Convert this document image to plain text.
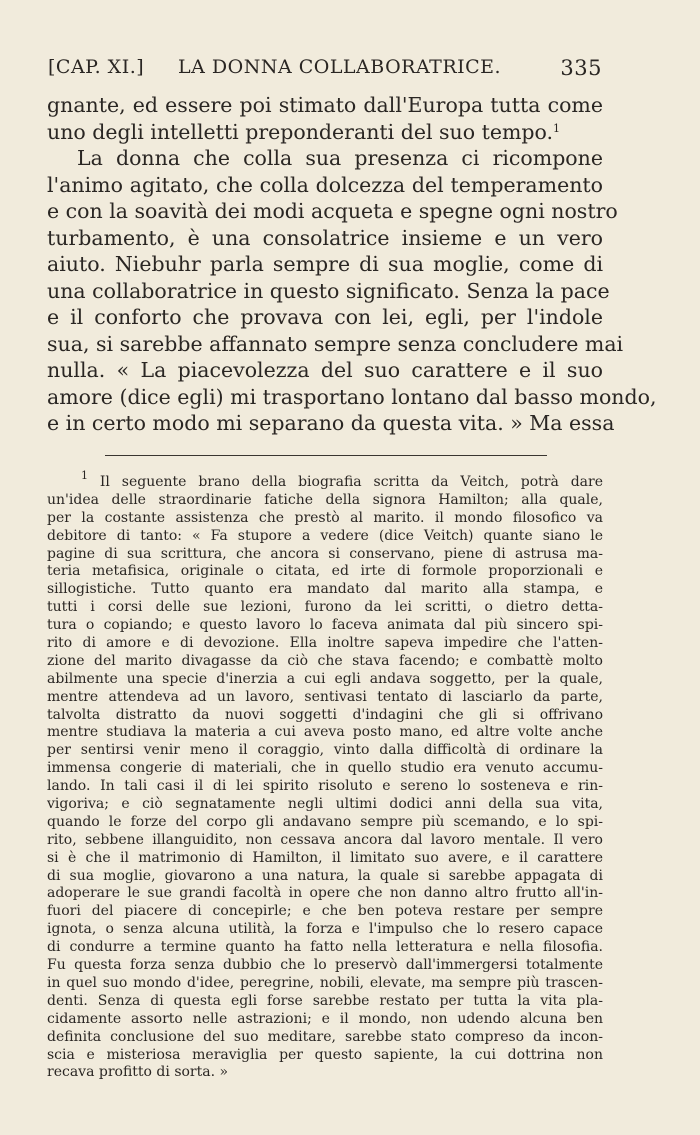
[CAP. XI.] LA DONNA COLLABORATRICE.	335
gnante, ed essere poi stimato dall'Europa tutta come
uno degli intelletti preponderanti del suo tempo.$^1$
La donna che colla sua presenza ci ricompone
l'animo agitato, che colla dolcezza del temperamento
e con la soavità dei modi acqueta e spegne ogni nostro
turbamento, è una consolatrice insieme e un vero
aiuto. Niebuhr parla sempre di sua moglie, come di
una collaboratrice in questo significato. Senza la pace
e il conforto che provava con lei, egli, per l'indole
sua, si sarebbe affannato sempre senza concludere mai
nulla. « La piacevolezza del suo carattere e il suo
amore (dice egli) mi trasportano lontano dal basso mondo,
e in certo modo mi separano da questa vita. » Ma essa
$^1$ Il seguente brano della biografia scritta da Veitch, potrà dare
un'idea delle straordinarie fatiche della signora Hamilton; alla quale,
per la costante assistenza che prestò al marito. il mondo filosofico va
debitore di tanto: « Fa stupore a vedere (dice Veitch) quante siano le
pagine di sua scrittura, che ancora si conservano, piene di astrusa ma-
teria metafisica, originale o citata, ed irte di formole proporzionali e
sillogistiche. Tutto quanto era mandato dal marito alla stampa, e
tutti i corsi delle sue lezioni, furono da lei scritti, o dietro detta-
tura o copiando; e questo lavoro lo faceva animata dal più sincero spi-
rito di amore e di devozione. Ella inoltre sapeva impedire che l'atten-
zione del marito divagasse da ciò che stava facendo; e combattè molto
abilmente una specie d'inerzia a cui egli andava soggetto, per la quale,
mentre attendeva ad un lavoro, sentivasi tentato di lasciarlo da parte,
talvolta distratto da nuovi soggetti d'indagini che gli si offrivano
mentre studiava la materia a cui aveva posto mano, ed altre volte anche
per sentirsi venir meno il coraggio, vinto dalla difficoltà di ordinare la
immensa congerie di materiali, che in quello studio era venuto accumu-
lando. In tali casi il di lei spirito risoluto e sereno lo sosteneva e rin-
vigoriva; e ciò segnatamente negli ultimi dodici anni della sua vita,
quando le forze del corpo gli andavano sempre più scemando, e lo spi-
rito, sebbene illanguidito, non cessava ancora dal lavoro mentale. Il vero
si è che il matrimonio di Hamilton, il limitato suo avere, e il carattere
di sua moglie, giovarono a una natura, la quale si sarebbe appagata di
adoperare le sue grandi facoltà in opere che non danno altro frutto all'in-
fuori del piacere di concepirle; e che ben poteva restare per sempre
ignota, o senza alcuna utilità, la forza e l'impulso che lo resero capace
di condurre a termine quanto ha fatto nella letteratura e nella filosofia.
Fu questa forza senza dubbio che lo preservò dall'immergersi totalmente
in quel suo mondo d'idee, peregrine, nobili, elevate, ma sempre più trascen-
denti. Senza di questa egli forse sarebbe restato per tutta la vita pla-
cidamente assorto nelle astrazioni; e il mondo, non udendo alcuna ben
definita conclusione del suo meditare, sarebbe stato compreso da incon-
scia e misteriosa meraviglia per questo sapiente, la cui dottrina non
recava profitto di sorta. »
